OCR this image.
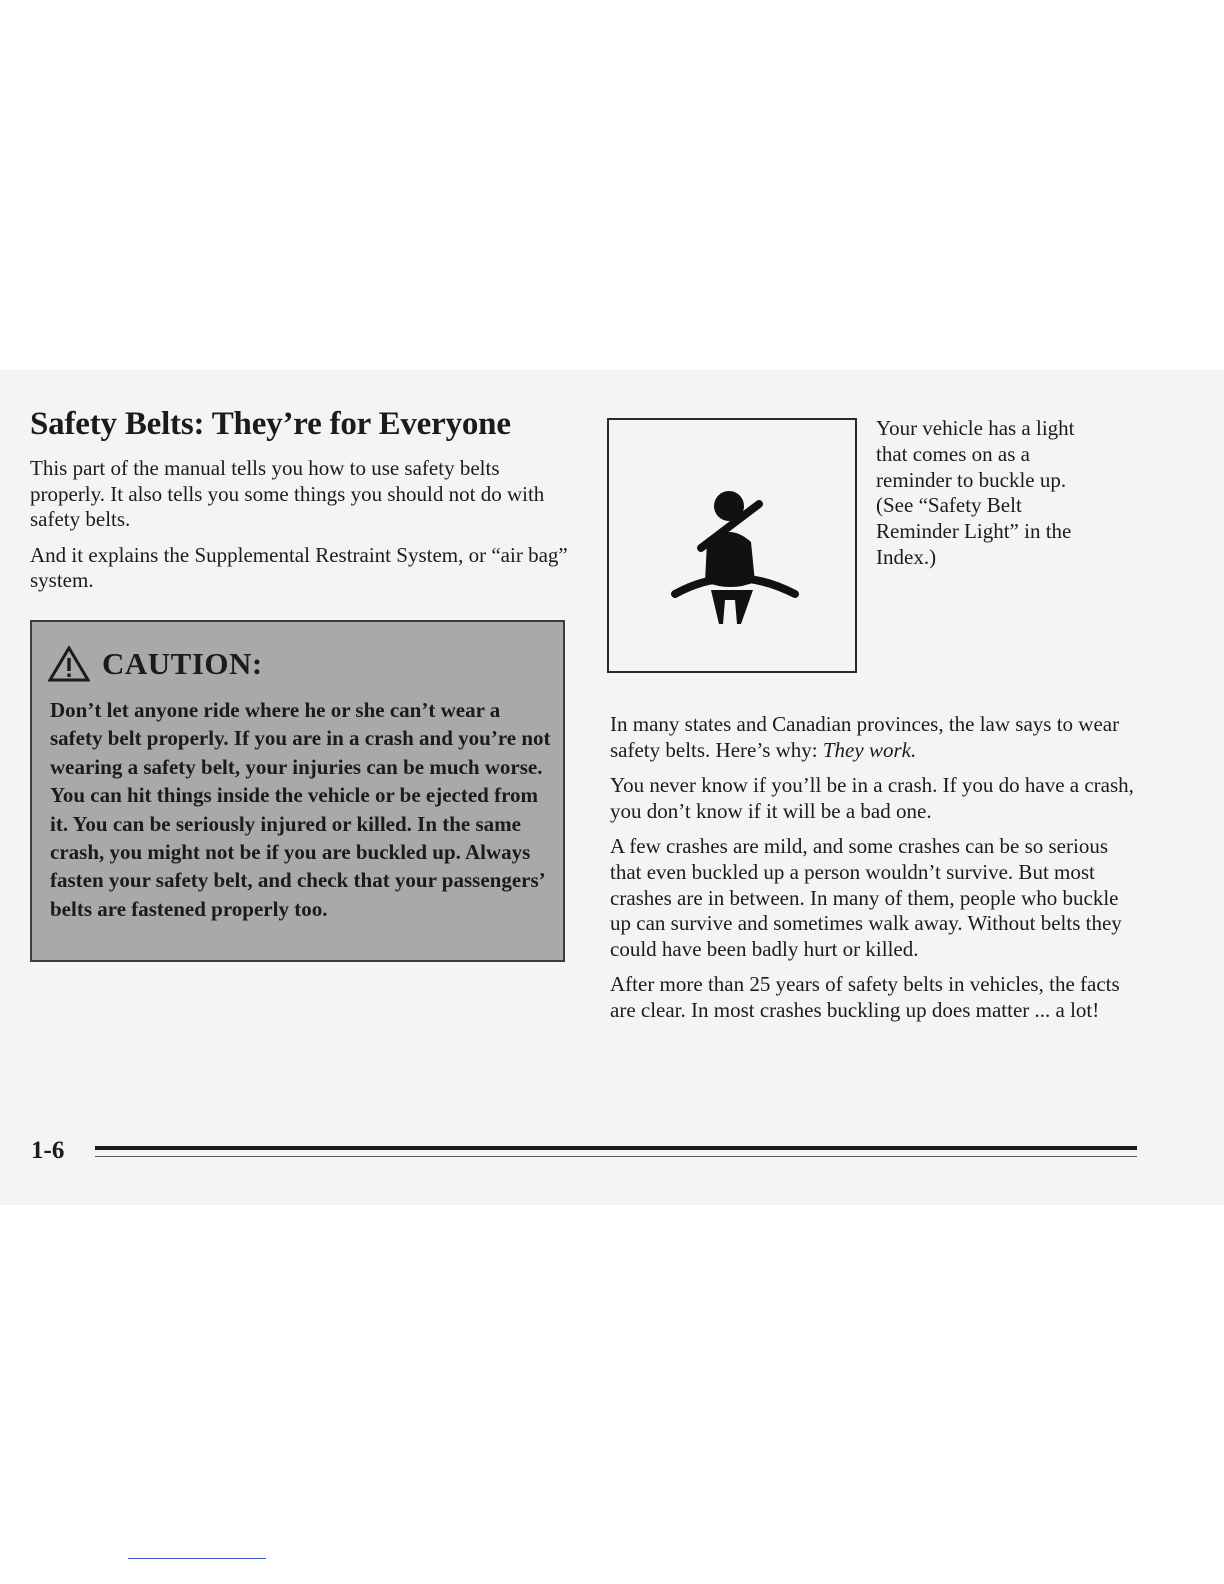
Safety Belts: They’re for Everyone

This part of the manual tells you how to use safety belts properly. It also tells you some things you should not do with safety belts.

And it explains the Supplemental Restraint System, or “air bag” system.

CAUTION:
Don’t let anyone ride where he or she can’t wear a safety belt properly. If you are in a crash and you’re not wearing a safety belt, your injuries can be much worse. You can hit things inside the vehicle or be ejected from it. You can be seriously injured or killed. In the same crash, you might not be if you are buckled up. Always fasten your safety belt, and check that your passengers’ belts are fastened properly too.
Your vehicle has a light that comes on as a reminder to buckle up. (See “Safety Belt Reminder Light” in the Index.)

In many states and Canadian provinces, the law says to wear safety belts. Here’s why: They work.

You never know if you’ll be in a crash. If you do have a crash, you don’t know if it will be a bad one.

A few crashes are mild, and some crashes can be so serious that even buckled up a person wouldn’t survive. But most crashes are in between. In many of them, people who buckle up can survive and sometimes walk away. Without belts they could have been badly hurt or killed.

After more than 25 years of safety belts in vehicles, the facts are clear. In most crashes buckling up does matter ... a lot!

1-6
